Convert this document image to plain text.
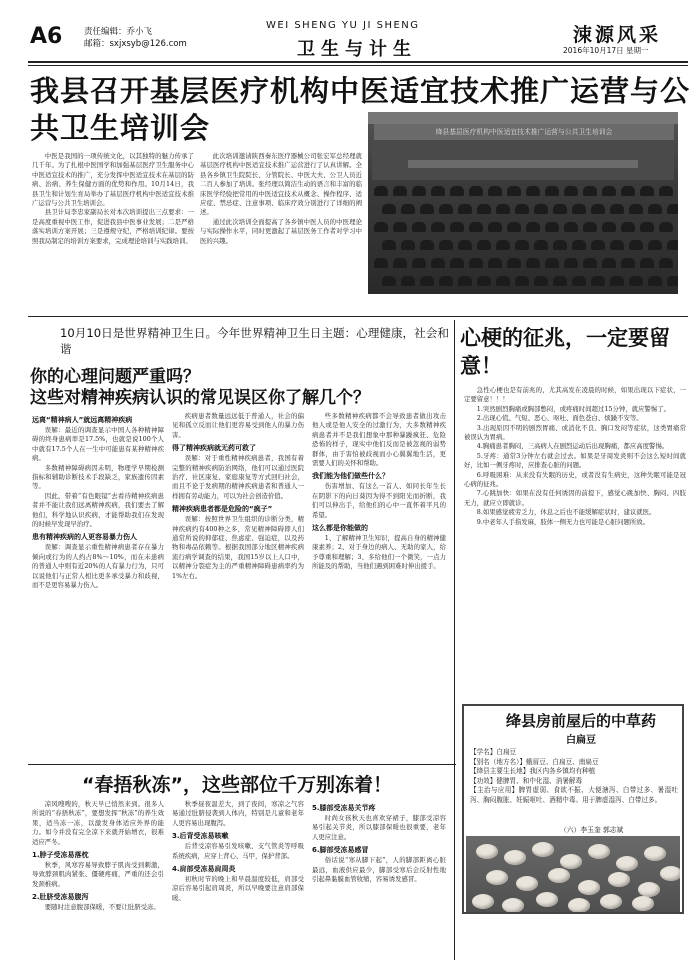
A6	责任编辑：乔小飞
邮箱：sxjxsyb@126.com
WEI SHENG YU JI SHENG
卫生与计生
涑源风采
2016年10月17日 星期一
我县召开基层医疗机构中医适宜技术推广运营与公共卫生培训会	绛县基层医疗机构中医适宜技术推广运营与公共卫生培训会

中医是我国的一项传统文化，以其独特的魅力传承了几千年。为了扎根中医国学和加强基层医疗卫生服务中心中医适宜技术的推广，充分发挥中医适宜技术在基层的防病、治病、养生保健方面的优势和作用。10月14日，我县卫生和计划生育局举办了基层医疗机构中医适宜技术推广运营与公共卫生培训会。

县卫计局李忠家副局长对本次培训提出三点要求：一是高度重视中医工作，促进我县中医事业发展；二是严格落实培训方案开展；三是遵规守纪，严格培训纪律。要按照我局制定的培训方案要求，完成理论培训与实践培训。

此次培训邀请陕西秦东医疗器械公司张宏军总经理就基层医疗机构中医适宜技术推广运营进行了认真讲解。全县各乡镇卫生院院长、分管院长、中医大夫、公卫人员近二百人参加了培训。张经理以简洁生动的语言和丰富的临床医学经验把常用的中医适宜技术从概念、操作程序、适应症、禁忌症、注意事项、临床疗效分别进行了详细的阐述。

通过此次培训全面提高了各乡镇中医人员的中医理论与实际操作水平，同时更激起了基层医务工作者对学习中医的兴趣。

10月10日是世界精神卫生日。今年世界精神卫生日主题：心理健康，社会和谐
你的心理问题严重吗？
这些对精神疾病认识的常见误区你了解几个？
远离“精神病人”就远离精神疾病

误解：最近的调查显示中国人各种精神障碍的终身患病率是17.5%，也就是说100个人中就有17.5个人在一生中可能患有某种精神疾病。

多数精神障碍病因未明，物理学早期检测指标和辅助诊断技术手段缺乏，家族遗传因素等。

因此，带着“有色眼镜”去看待精神疾病患者并不能让我们远离精神疾病，我们要去了解他们，科学地认识疾病，才能帮助我们在发现的时候早发现早治疗。

患有精神疾病的人更容易暴力伤人

误解：调查显示重性精神病患者存在暴力倾向或行为的人约占8%～10%，而在未患病的普通人中则有近20%的人有暴力行为，只可以说他们与正常人相比更多承受暴力和歧视，而不是更容易暴力伤人。

疾病患者数量远远低于普通人，社会的偏见和孤立反而让他们更容易受到他人的暴力伤害。

得了精神疾病就无药可救了

误解：对于重性精神疾病患者，我国有着完整的精神疾病防治网络，他们可以通过医院治疗、社区康复、家庭康复等方式回归社会，而且不论于发病期的精神疾病患者和普通人一样拥有劳动能力，可以为社会创造价值。

精神疾病患者都是危险的“疯子”

误解：按照世界卫生组织的诊断分类，精神疾病约有400种之多，常见精神障碍即人们通常所说的抑郁症、焦虑症、强迫症，以及药物和毒品依赖等。根据我国部分地区精神疾病流行病学调查的结果，我国15岁以上人口中，以精神分裂症为主的严重精神障碍患病率约为1%左右。

些多数精神疾病都不会导致患者做出攻击他人或是他人安全的过激行为，大多数精神疾病患者并不是我们想象中那种暴躁疯狂、危险恐怖的样子，现实中他们反而是被忽视的弱势群体，由于害怕被歧视而小心翼翼地生活，更需要人们的关怀和帮助。

我们能为他们做些什么？

伤害增加、有这么一首人、如同长年生长在阴影下的向日葵因为得不到阳光而折断，我们可以伸出手，给他们的心中一直怀着平凡的希望。

这么都是你能做的

1、了解精神卫生知识，提高自身的精神健康素养；2、对于身边的病人、无助的家人，给予尊重和理解；3、多给他们一个微笑，一点力所能及的帮助，当他们遇到困难时伸出援手。

心梗的征兆，一定要留意！

急性心梗也是有前兆的，尤其高发在凌晨的时候，如果出现以下症状，一定要留意！！！

1.突然剧烈胸痛或胸部憋闷，或疼痛时间超过15分钟，就应警惕了。

2.出现心慌、气短、恶心、呕吐、面色苍白、烦躁不安等。

3.出现原因不明的剧烈胃痛、或消化不良、胸口发闷等症状，这类胃痛常被误认为胃病。

4.胸痛患者胸闷，三高病人在剧烈运动后出现胸痛，都应高度警惕。

5.牙疼：通常3分钟左右就会过去。如果是牙周发炎则不会这么短时间就好，比如一侧牙疼时，应排查心脏的问题。

6.呼吸困难：从来没有失眠的历史，或者没有生病史，这种失眠可能是冠心病的征兆。

7.心跳加快：如果在没有任何诱因的前提下，感觉心跳加快、胸闷、四肢无力，就应立即就诊。

8.如果感觉疲劳乏力，休息之后也不能缓解症状时，建议就医。

9.中老年人手指发麻，肢体一侧无力也可能是心脏问题所致。

绛县房前屋后的中草药
白扁豆
【学名】白扁豆
【别名（地方名）】蛾眉豆、白扁豆、南扁豆
【绛县主要生长地】我区内各乡镇均有种植
【功效】健脾胃、和中化湿、消暑解毒
【主治与应用】脾胃虚弱、食欲不振、大便溏泻、白带过多、暑湿吐泻、胸闷腹胀、妊娠呕吐、酒精中毒。用于脾虚湿泻、白带过多。
（六）李玉奎 郭志斌
“春捂秋冻”，这些部位千万别冻着！

凉风嗖嗖的，秋天早已悄然来到。很多人所说的“春捂秋冻”，要想发挥“秋冻”的养生效果，适当冻一冻，以激发身体适应外界的能力。如今并没有完全凉下来就开始增衣，很难适应严冬。

1.脖子受冻易落枕

秋季，风寒容易导致脖子肌肉受到刺激，导致脖颈肌肉紧张、僵硬疼痛，严重的还会引发颈椎病。

2.肚脐受冻易腹泻

要随时注意腹部保暖，不要让肚脐受冻。

秋季昼夜温差大，到了夜间，寒凉之气容易通过肚脐侵袭到人体内，特别是儿童和老年人更容易出现腹泻。

3.后背受冻易咳嗽

后背受凉容易引发咳嗽、支气管炎等呼吸系统疾病，应穿上背心、马甲，保护背部。

4.肩部受冻易肩周炎

初秋时节的晚上和早晨温度较低，肩部受凉后容易引起肩周炎，所以早晚要注意肩部保暖。

5.膝部受冻易关节疼

时尚女孩秋天也喜欢穿裙子，膝部受凉容易引起关节炎，所以膝部保暖也很重要，老年人更应注意。

6.脚部受冻易感冒

俗话说“寒从脚下起”，人的脚部距离心脏最远，血液供应最少，脚部受寒后会反射性地引起鼻黏膜血管收缩，容易诱发感冒。
